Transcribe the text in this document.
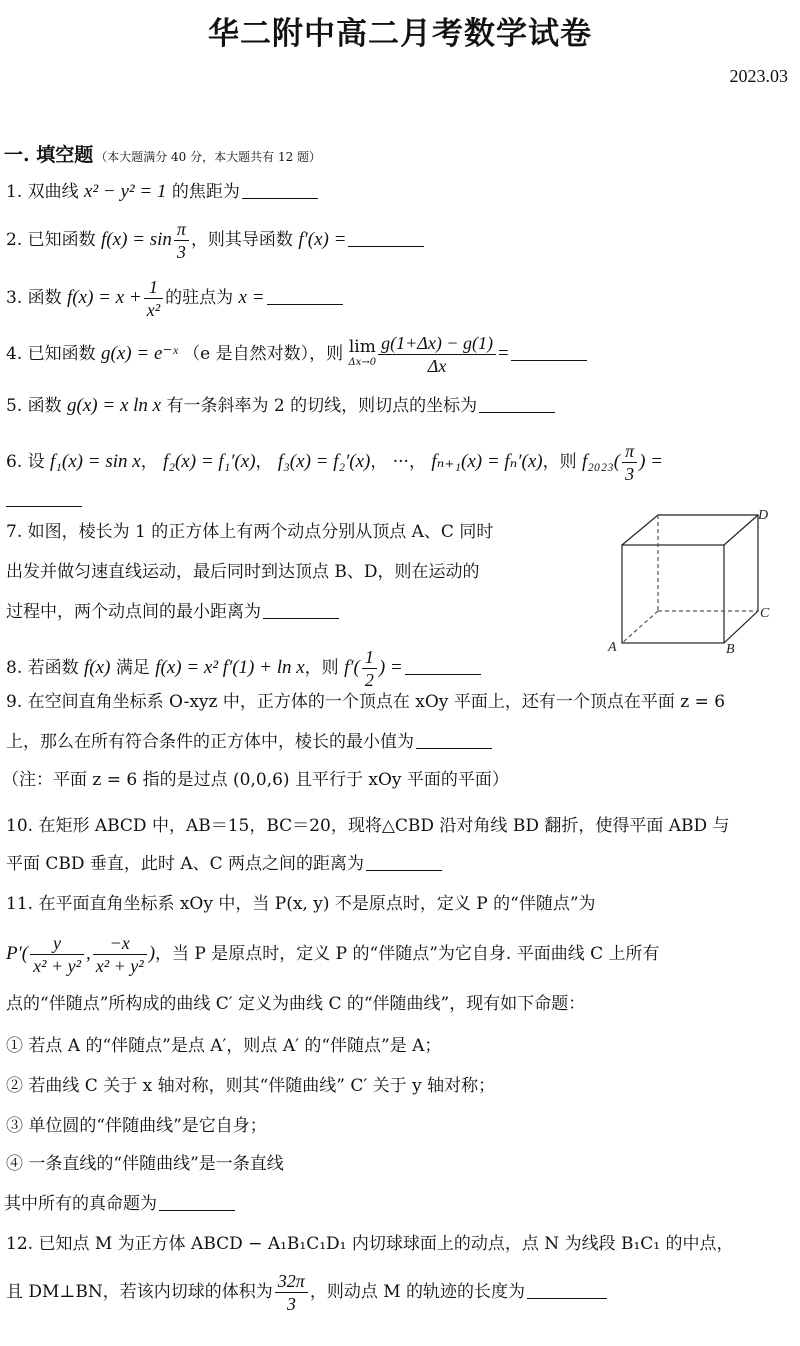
华二附中高二月考数学试卷
2023.03
一. 填空题 （本大题满分 40 分，本大题共有 12 题）
1. 双曲线 x² − y² = 1 的焦距为
2. 已知函数 $f(x) = \sin \frac{\pi}{3}$ ，则其导函数 f′(x) =
3. 函数 $f(x) = x + \frac{1}{\text{x²}}$ 的驻点为 x =
4. 已知函数 g(x) = e⁻ˣ （e 是自然对数），则 lim
$\Delta x\to 0 \frac{g(1+\Delta x) - g(1)}{\Delta x}$ =
5. 函数 g(x) = x ln x 有一条斜率为 2 的切线，则切点的坐标为
6. 设 f₁(x) = sin x， f₂(x) = f₁′(x)， f₃(x) = f₂′(x)， ···， fₙ₊₁(x) = fₙ′(x)，则 $f_{2023}( \frac{\pi}{3}$ ) =
7. 如图，棱长为 1 的正方体上有两个动点分别从顶点 A、C 同时
出发并做匀速直线运动，最后同时到达顶点 B、D，则在运动的
过程中，两个动点间的最小距离为
A	B
C
D
8. 若函数 f(x) 满足 f(x) = x² f′(1) + ln x，则 $f'( \frac{1}{2}$ ) =
9. 在空间直角坐标系 O-xyz 中，正方体的一个顶点在 xOy 平面上，还有一个顶点在平面 z = 6
上，那么在所有符合条件的正方体中，棱长的最小值为
（注：平面 z = 6 指的是过点 (0,0,6) 且平行于 xOy 平面的平面）
10. 在矩形 ABCD 中，AB＝15，BC＝20，现将△CBD 沿对角线 BD 翻折，使得平面 ABD 与
平面 CBD 垂直，此时 A、C 两点之间的距离为
11. 在平面直角坐标系 xOy 中，当 P(x, y) 不是原点时，定义 P 的“伴随点”为
$P'( \frac{y}{\text{x² + y²}}$ , $\frac{-x}{\text{x² + y²}}$ )，当 P 是原点时，定义 P 的“伴随点”为它自身. 平面曲线 C 上所有
点的“伴随点”所构成的曲线 C′ 定义为曲线 C 的“伴随曲线”，现有如下命题：
① 若点 A 的“伴随点”是点 A′，则点 A′ 的“伴随点”是 A；
② 若曲线 C 关于 x 轴对称，则其“伴随曲线” C′ 关于 y 轴对称；
③ 单位圆的“伴随曲线”是它自身；
④ 一条直线的“伴随曲线”是一条直线
其中所有的真命题为
12. 已知点 M 为正方体 ABCD − A₁B₁C₁D₁ 内切球球面上的动点，点 N 为线段 B₁C₁ 的中点，
且 DM⊥BN，若该内切球的体积为 $\frac{32\pi}{3}$ ，则动点 M 的轨迹的长度为
